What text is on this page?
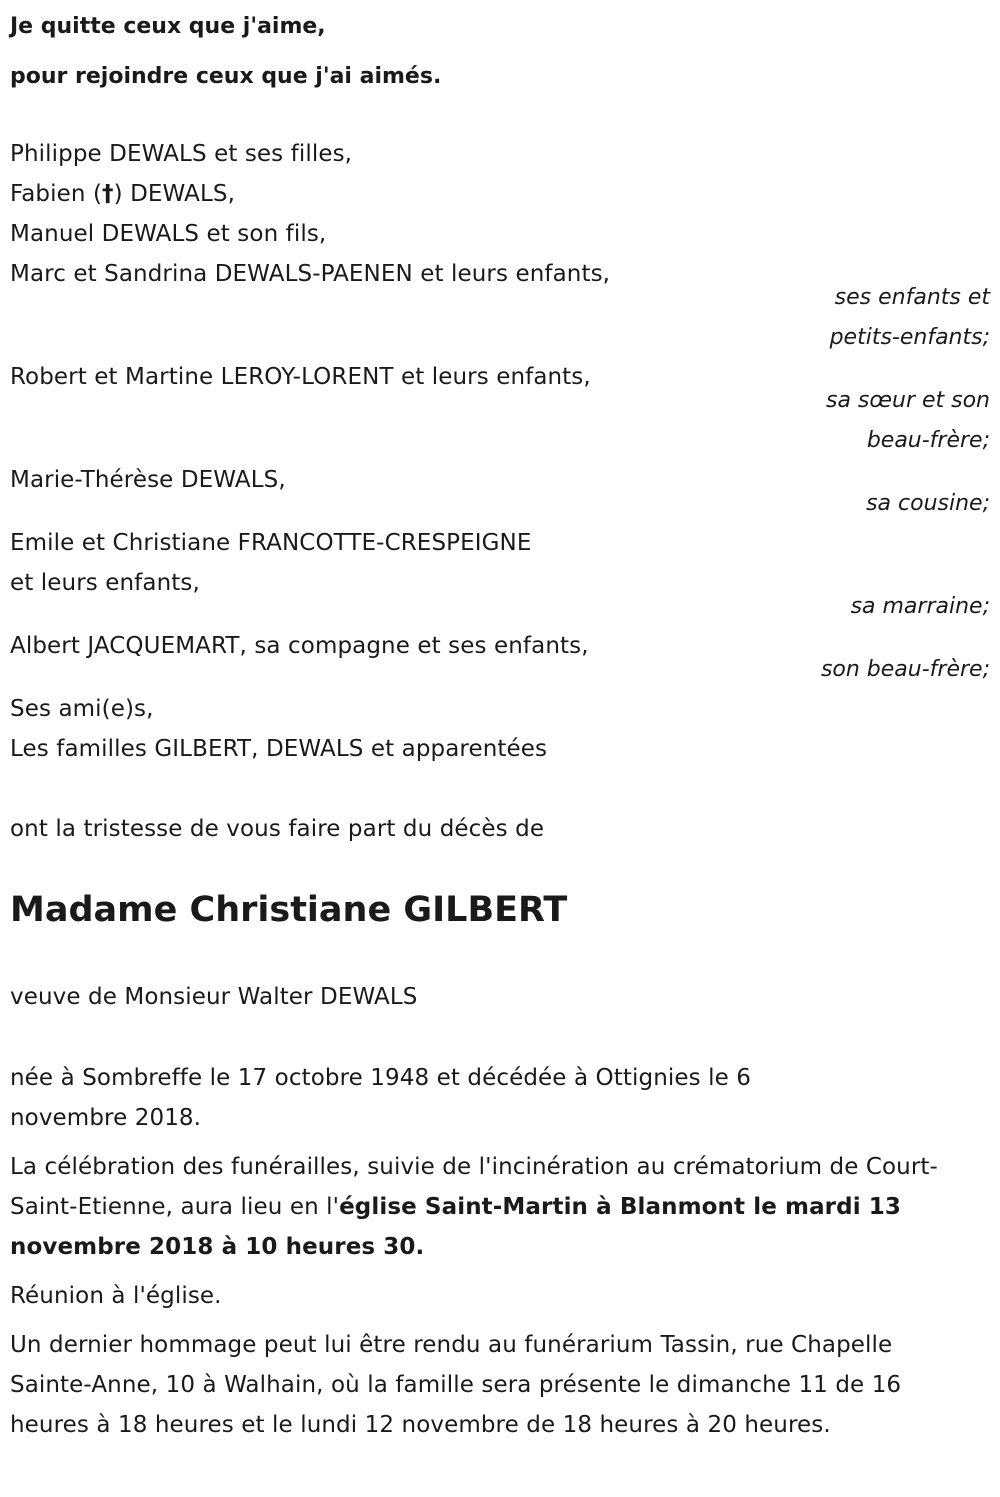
Je quitte ceux que j'aime,
pour rejoindre ceux que j'ai aimés.
Philippe DEWALS et ses filles,
Fabien (†) DEWALS,
Manuel DEWALS et son fils,
Marc et Sandrina DEWALS-PAENEN et leurs enfants,
ses enfants et petits-enfants;
Robert et Martine LEROY-LORENT et leurs enfants,
sa sœur et son beau-frère;
Marie-Thérèse DEWALS,
sa cousine;
Emile et Christiane FRANCOTTE-CRESPEIGNE
et leurs enfants,
sa marraine;
Albert JACQUEMART, sa compagne et ses enfants,
son beau-frère;
Ses ami(e)s,
Les familles GILBERT, DEWALS et apparentées
ont la tristesse de vous faire part du décès de
Madame Christiane GILBERT
veuve de Monsieur Walter DEWALS
née à Sombreffe le 17 octobre 1948 et décédée à Ottignies le 6 novembre 2018.
La célébration des funérailles, suivie de l'incinération au crématorium de Court-Saint-Etienne, aura lieu en l'église Saint-Martin à Blanmont le mardi 13 novembre 2018 à 10 heures 30.
Réunion à l'église.
Un dernier hommage peut lui être rendu au funérarium Tassin, rue Chapelle Sainte-Anne, 10 à Walhain, où la famille sera présente le dimanche 11 de 16 heures à 18 heures et le lundi 12 novembre de 18 heures à 20 heures.
